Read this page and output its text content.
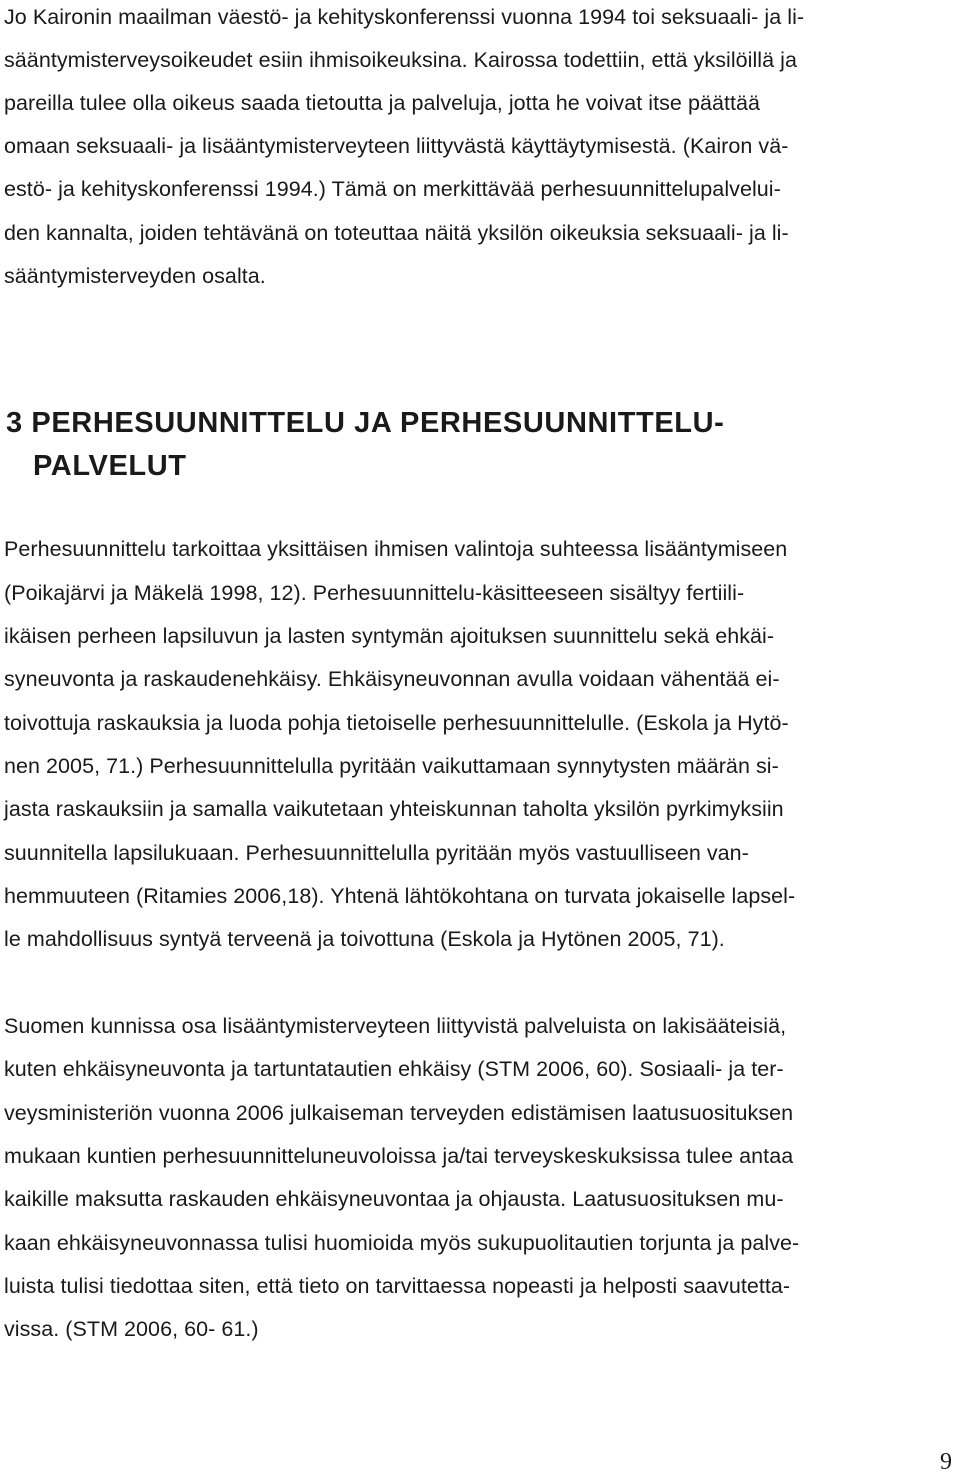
Jo Kaironin maailman väestö- ja kehityskonferenssi vuonna 1994 toi seksuaali- ja li-
sääntymisterveysoikeudet esiin ihmisoikeuksina. Kairossa todettiin, että yksilöillä ja
pareilla tulee olla oikeus saada tietoutta ja palveluja, jotta he voivat itse päättää
omaan seksuaali- ja lisääntymisterveyteen liittyvästä käyttäytymisestä. (Kairon vä-
estö- ja kehityskonferenssi 1994.) Tämä on merkittävää perhesuunnittelupalvelui-
den kannalta, joiden tehtävänä on toteuttaa näitä yksilön oikeuksia seksuaali- ja li-
sääntymisterveyden osalta.
3 PERHESUUNNITTELU JA PERHESUUNNITTELU-
PALVELUT
Perhesuunnittelu tarkoittaa yksittäisen ihmisen valintoja suhteessa lisääntymiseen
(Poikajärvi ja Mäkelä 1998, 12). Perhesuunnittelu-käsitteeseen sisältyy fertiili-
ikäisen perheen lapsiluvun ja lasten syntymän ajoituksen suunnittelu sekä ehkäi-
syneuvonta ja raskaudenehkäisy. Ehkäisyneuvonnan avulla voidaan vähentää ei-
toivottuja raskauksia ja luoda pohja tietoiselle perhesuunnittelulle. (Eskola ja Hytö-
nen 2005, 71.) Perhesuunnittelulla pyritään vaikuttamaan synnytysten määrän si-
jasta raskauksiin ja samalla vaikutetaan yhteiskunnan taholta yksilön pyrkimyksiin
suunnitella lapsilukuaan. Perhesuunnittelulla pyritään myös vastuulliseen van-
hemmuuteen (Ritamies 2006,18). Yhtenä lähtökohtana on turvata jokaiselle lapsel-
le mahdollisuus syntyä terveenä ja toivottuna (Eskola ja Hytönen 2005, 71).
Suomen kunnissa osa lisääntymisterveyteen liittyvistä palveluista on lakisääteisiä,
kuten ehkäisyneuvonta ja tartuntatautien ehkäisy (STM 2006, 60). Sosiaali- ja ter-
veysministeriön vuonna 2006 julkaiseman terveyden edistämisen laatusuosituksen
mukaan kuntien perhesuunnitteluneuvoloissa ja/tai terveyskeskuksissa tulee antaa
kaikille maksutta raskauden ehkäisyneuvontaa ja ohjausta. Laatusuosituksen mu-
kaan ehkäisyneuvonnassa tulisi huomioida myös sukupuolitautien torjunta ja palve-
luista tulisi tiedottaa siten, että tieto on tarvittaessa nopeasti ja helposti saavutetta-
vissa. (STM 2006, 60- 61.)
9
